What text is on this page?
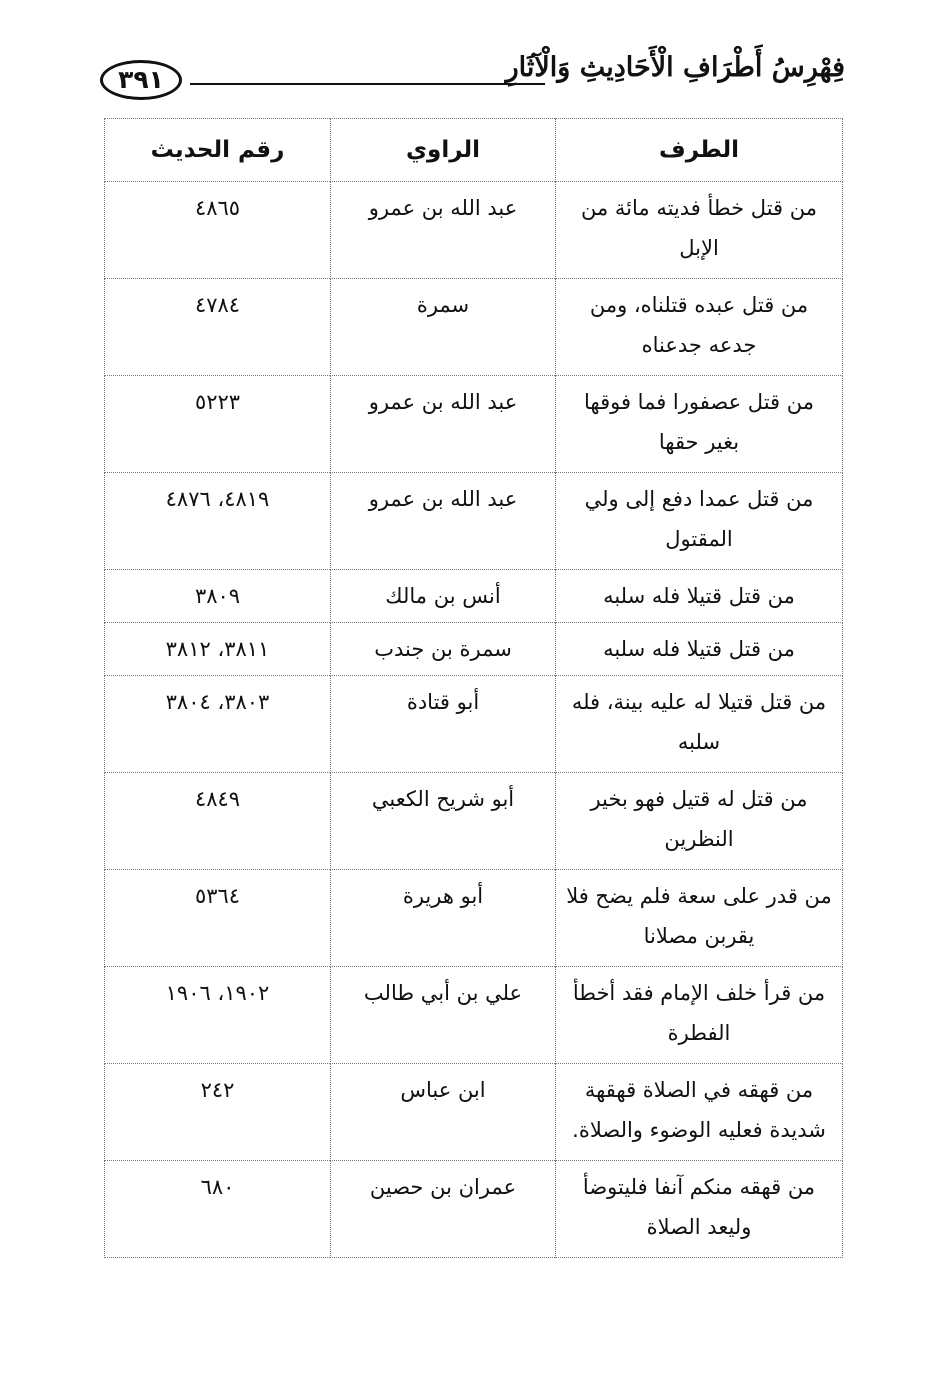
٣٩١	فِهْرِسُ أَطْرَافِ الْأَحَادِيثِ وَالْآثَارِ
الطرف	الراوي	رقم الحديث
من قتل خطأ فديته مائة من الإبل	عبد الله بن عمرو	٤٨٦٥
من قتل عبده قتلناه، ومن جدعه جدعناه	سمرة	٤٧٨٤
من قتل عصفورا فما فوقها بغير حقها	عبد الله بن عمرو	٥٢٢٣
من قتل عمدا دفع إلى ولي المقتول	عبد الله بن عمرو	٤٨١٩، ٤٨٧٦
من قتل قتيلا فله سلبه	أنس بن مالك	٣٨٠٩
من قتل قتيلا فله سلبه	سمرة بن جندب	٣٨١١، ٣٨١٢
من قتل قتيلا له عليه بينة، فله سلبه	أبو قتادة	٣٨٠٣، ٣٨٠٤
من قتل له قتيل فهو بخير النظرين	أبو شريح الكعبي	٤٨٤٩
من قدر على سعة فلم يضح فلا يقربن مصلانا	أبو هريرة	٥٣٦٤
من قرأ خلف الإمام فقد أخطأ الفطرة	علي بن أبي طالب	١٩٠٢، ١٩٠٦
من قهقه في الصلاة قهقهة شديدة فعليه الوضوء والصلاة.	ابن عباس	٢٤٢
من قهقه منكم آنفا فليتوضأ وليعد الصلاة	عمران بن حصين	٦٨٠
